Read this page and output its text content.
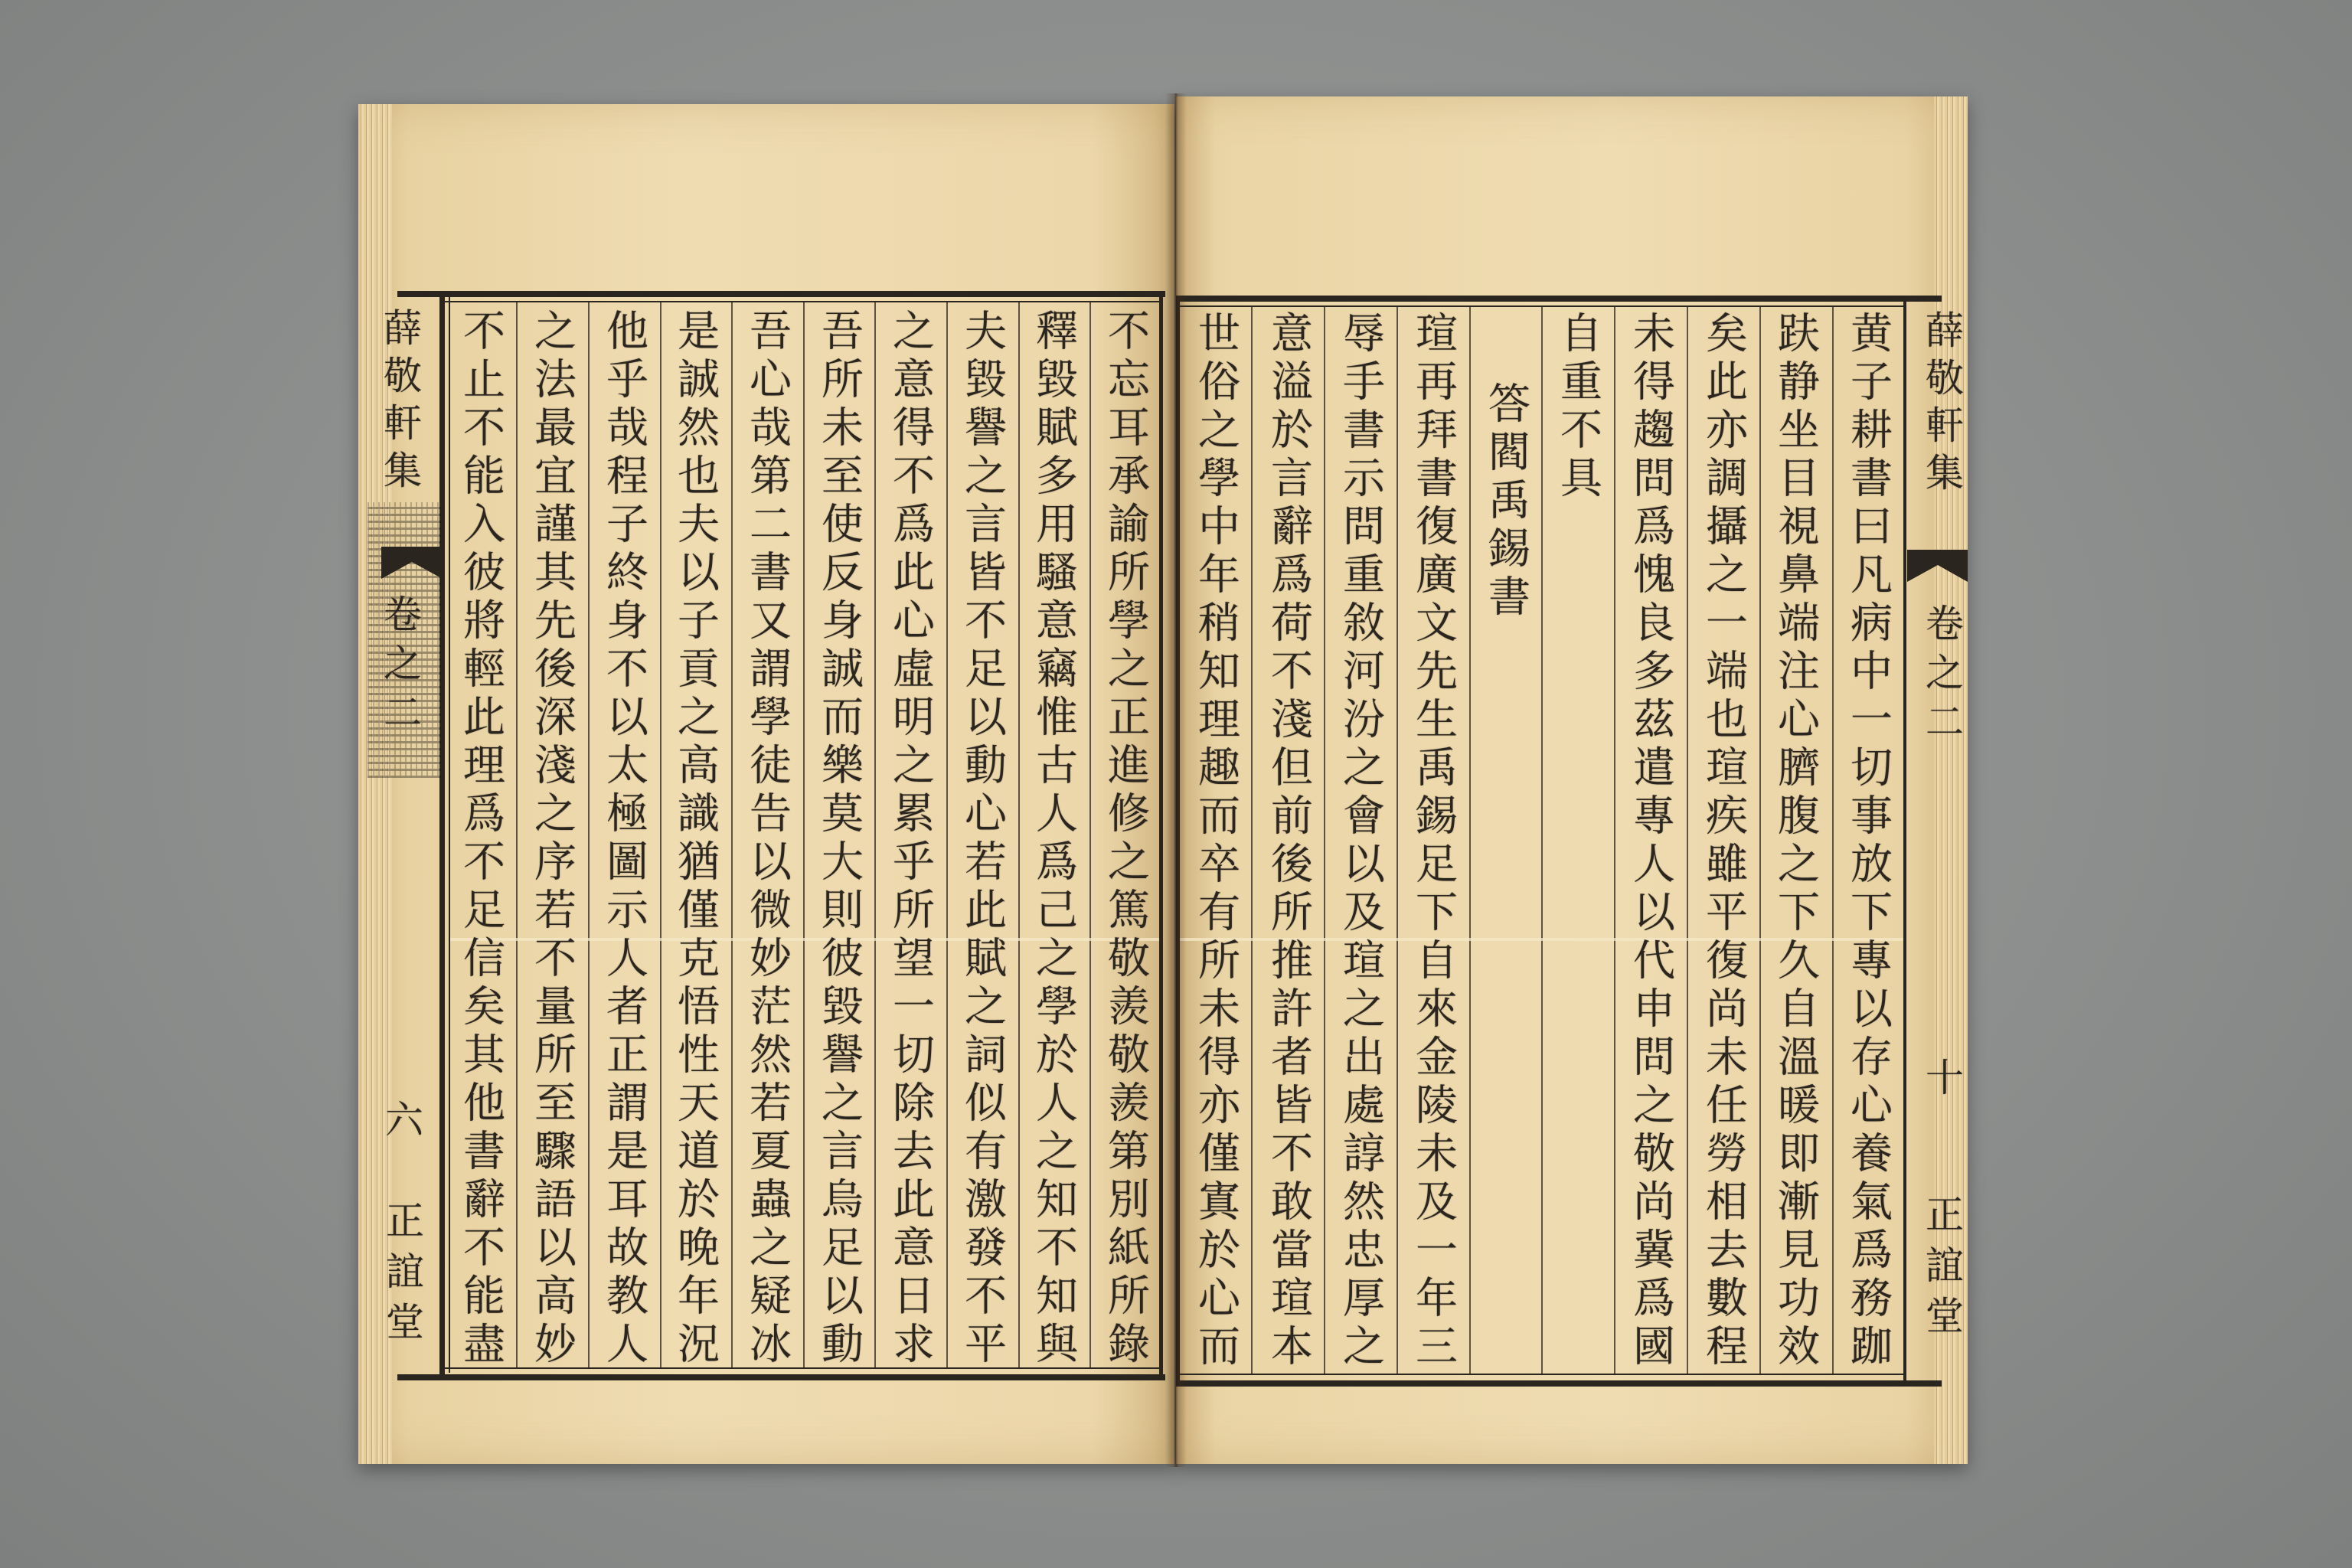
不忘耳承諭所學之正進修之篤敬羨敬羨第別紙所錄
釋毀賦多用騷意竊惟古人爲己之學於人之知不知與
夫毀譽之言皆不足以動心若此賦之詞似有激發不平
之意得不爲此心虛明之累乎所望一切除去此意日求
吾所未至使反身誠而樂莫大則彼毀譽之言烏足以動
吾心哉第二書又謂學徒告以微妙茫然若夏蟲之疑冰
是誠然也夫以子貢之高識猶僅克悟性天道於晚年況
他乎哉程子終身不以太極圖示人者正謂是耳故教人
之法最宜謹其先後深淺之序若不量所至驟語以高妙
不止不能入彼將輕此理爲不足信矣其他書辭不能盡
薛敬軒集
卷之二
六
正誼堂	黄子耕書曰凡病中一切事放下專以存心養氣爲務跏
趺静坐目視鼻端注心臍腹之下久自溫暖即漸見功效
矣此亦調攝之一端也瑄疾雖平復尚未任勞相去數程
未得趨問爲愧良多茲遣專人以代申問之敬尚冀爲國
自重不具
答閻禹錫書
瑄再拜書復廣文先生禹錫足下自來金陵未及一年三
辱手書示問重敘河汾之會以及瑄之出處諄然忠厚之
意溢於言辭爲荷不淺但前後所推許者皆不敢當瑄本
世俗之學中年稍知理趣而卒有所未得亦僅寘於心而	薛敬軒集
卷之二
十
正誼堂
